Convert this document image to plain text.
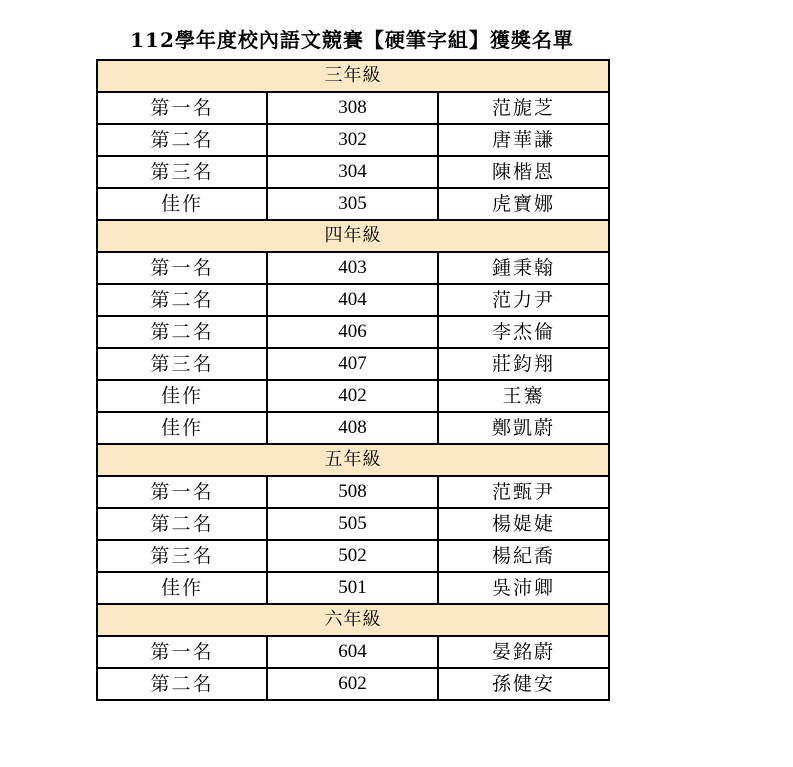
112學年度校內語文競賽【硬筆字組】獲獎名單
三年級		
第一名	308	范旎芝
第二名	302	唐華謙
第三名	304	陳楷恩
佳作	305	虎寶娜
四年級		
第一名	403	鍾秉翰
第二名	404	范力尹
第二名	406	李杰倫
第三名	407	莊鈞翔
佳作	402	王騫
佳作	408	鄭凱蔚
五年級		
第一名	508	范甄尹
第二名	505	楊媞婕
第三名	502	楊紀喬
佳作	501	吳沛卿
六年級		
第一名	604	晏銘蔚
第二名	602	孫健安
